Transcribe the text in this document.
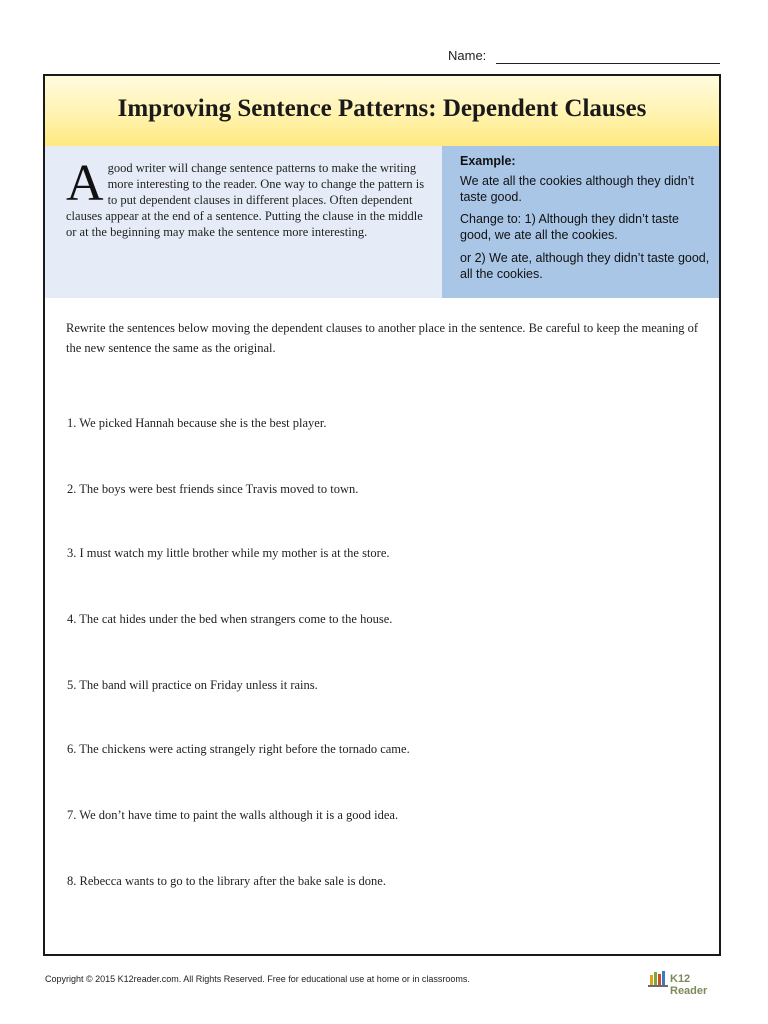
Name:
Improving Sentence Patterns: Dependent Clauses
A good writer will change sentence patterns to make the writing more interesting to the reader. One way to change the pattern is to put dependent clauses in different places. Often dependent clauses appear at the end of a sentence. Putting the clause in the middle or at the beginning may make the sentence more interesting.
Example:
We ate all the cookies although they didn’t taste good.
Change to: 1) Although they didn’t taste good, we ate all the cookies.
or 2) We ate, although they didn’t taste good, all the cookies.
Rewrite the sentences below moving the dependent clauses to another place in the sentence. Be careful to keep the meaning of the new sentence the same as the original.
1. We picked Hannah because she is the best player.
2. The boys were best friends since Travis moved to town.
3. I must watch my little brother while my mother is at the store.
4. The cat hides under the bed when strangers come to the house.
5. The band will practice on Friday unless it rains.
6. The chickens were acting strangely right before the tornado came.
7. We don’t have time to paint the walls although it is a good idea.
8. Rebecca wants to go to the library after the bake sale is done.
Copyright © 2015 K12reader.com. All Rights Reserved. Free for educational use at home or in classrooms.	K12 Reader
